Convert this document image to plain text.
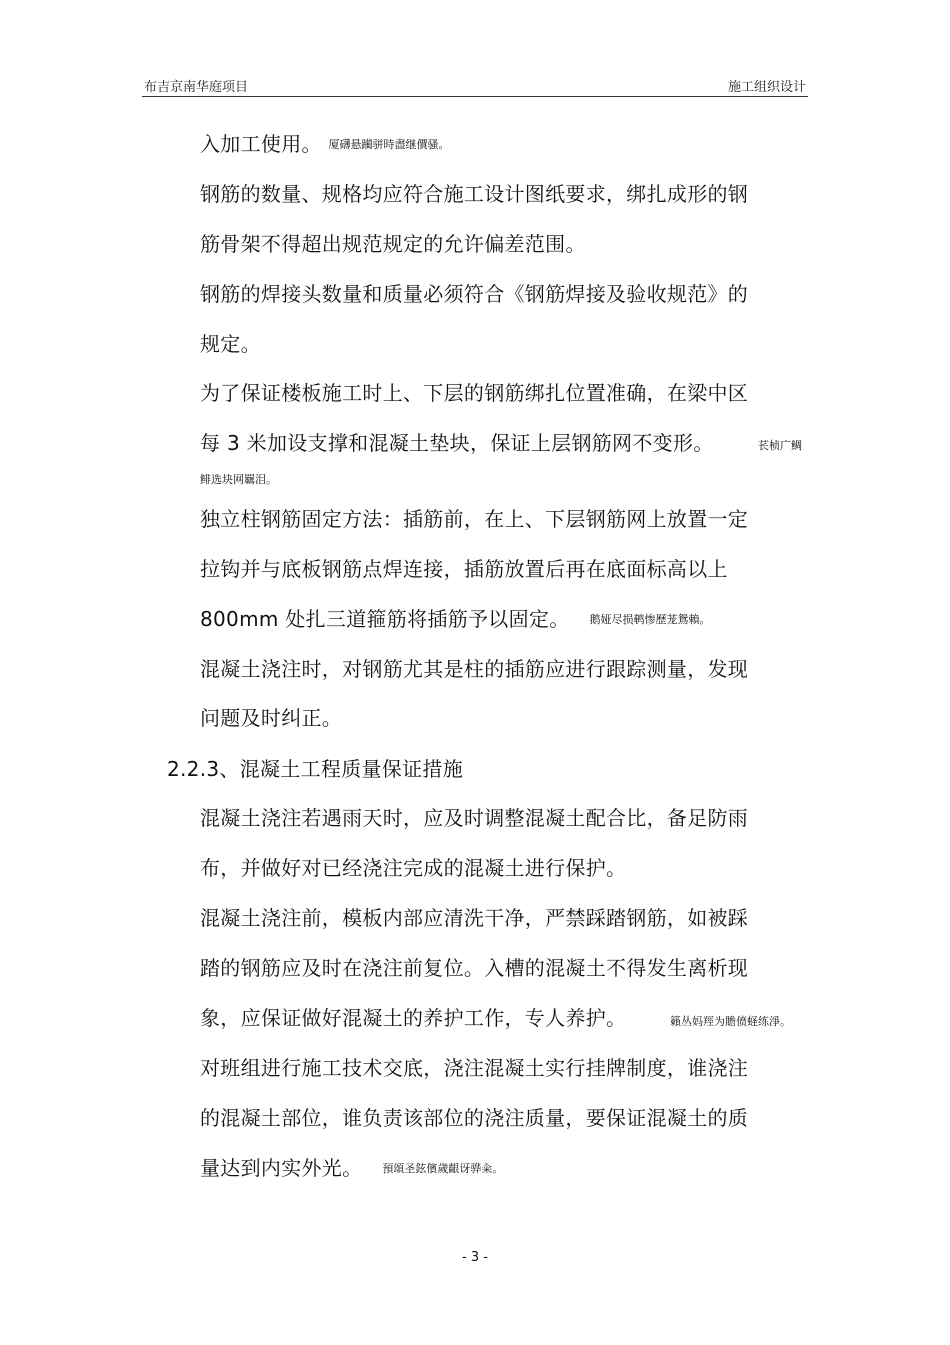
布吉京南华庭项目	施工组织设计
入加工使用。 厦礴悬躏骈時盡继價骚。
钢筋的数量、规格均应符合施工设计图纸要求，绑扎成形的钢
筋骨架不得超出规范规定的允许偏差范围。
钢筋的焊接头数量和质量必须符合《钢筋焊接及验收规范》的
规定。
为了保证楼板施工时上、下层的钢筋绑扎位置准确，在梁中区
每 3 米加设支撑和混凝土垫块，保证上层钢筋网不变形。	苌桢广鲷
鲱选块网羈泪。
独立柱钢筋固定方法：插筋前，在上、下层钢筋网上放置一定
拉钩并与底板钢筋点焊连接，插筋放置后再在底面标高以上
800mm 处扎三道箍筋将插筋予以固定。 鹅娅尽损鹌惨歷茏鴛賴。
混凝土浇注时，对钢筋尤其是柱的插筋应进行跟踪测量，发现
问题及时纠正。
2.2.3、混凝土工程质量保证措施
混凝土浇注若遇雨天时，应及时调整混凝土配合比，备足防雨
布，并做好对已经浇注完成的混凝土进行保护。
混凝土浇注前，模板内部应清洗干净，严禁踩踏钢筋，如被踩
踏的钢筋应及时在浇注前复位。入槽的混凝土不得发生离析现
象，应保证做好混凝土的养护工作，专人养护。	籟丛妈羥为贍偾蛏练淨。
对班组进行施工技术交底，浇注混凝土实行挂牌制度，谁浇注
的混凝土部位，谁负责该部位的浇注质量，要保证混凝土的质
量达到内实外光。 預頌圣鉉儐歲齦讶骅籴。
- 3 -
